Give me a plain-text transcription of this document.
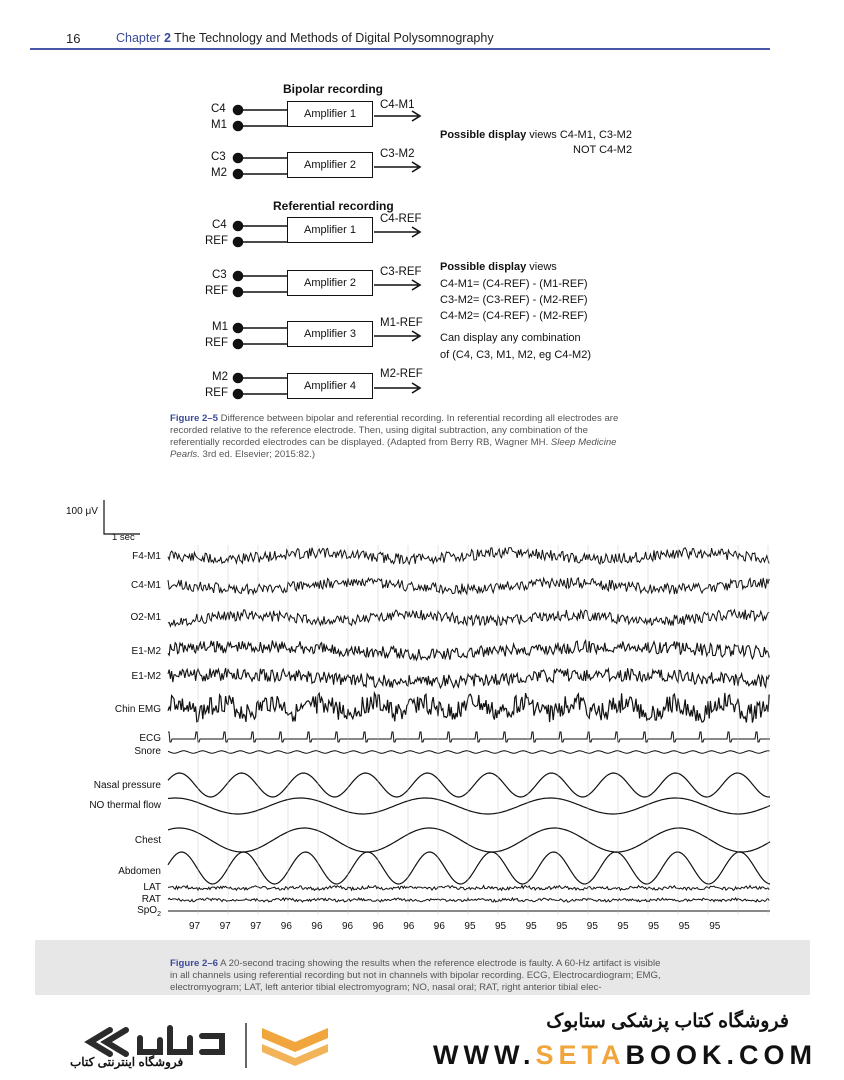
16	Chapter 2 The Technology and Methods of Digital Polysomnography
Bipolar recording
Referential recording
C4
M1
Amplifier 1
C4-M1
C3
M2
Amplifier 2
C3-M2
Possible display views C4-M1, C3-M2
NOT C4-M2
C4
REF
Amplifier 1
C4-REF
C3
REF
Amplifier 2
C3-REF
M1
REF
Amplifier 3
M1-REF
M2
REF
Amplifier 4
M2-REF
Possible display views
C4-M1= (C4-REF) - (M1-REF)
C3-M2= (C3-REF) - (M2-REF)
C4-M2= (C4-REF) - (M2-REF)
Can display any combination
of (C4, C3, M1, M2, eg C4-M2)
Figure 2–5 Difference between bipolar and referential recording. In referential recording all electrodes are recorded relative to the reference electrode. Then, using digital subtraction, any combination of the referentially recorded electrodes can be displayed. (Adapted from Berry RB, Wagner MH. Sleep Medicine Pearls. 3rd ed. Elsevier; 2015:82.)
100 μV
1 sec
F4-M1
C4-M1
O2-M1
E1-M2
E1-M2
Chin EMG
ECG
Snore
Nasal pressure
NO thermal flow
Chest
Abdomen
LAT
RAT
SpO$_2$
97 97 97 96 96 96 96 96 96 95 95 95 95 95 95 95 95 95
Figure 2–6 A 20-second tracing showing the results when the reference electrode is faulty. A 60-Hz artifact is visible in all channels using referential recording but not in channels with bipolar recording. ECG, Electrocardiogram; EMG, electromyogram; LAT, left anterior tibial electromyogram; NO, nasal oral; RAT, right anterior tibial elec-
فروشگاه اینترنتی کتاب
فروشگاه کتاب پزشکی ستابوک
WWW.SETABOOK.COM
